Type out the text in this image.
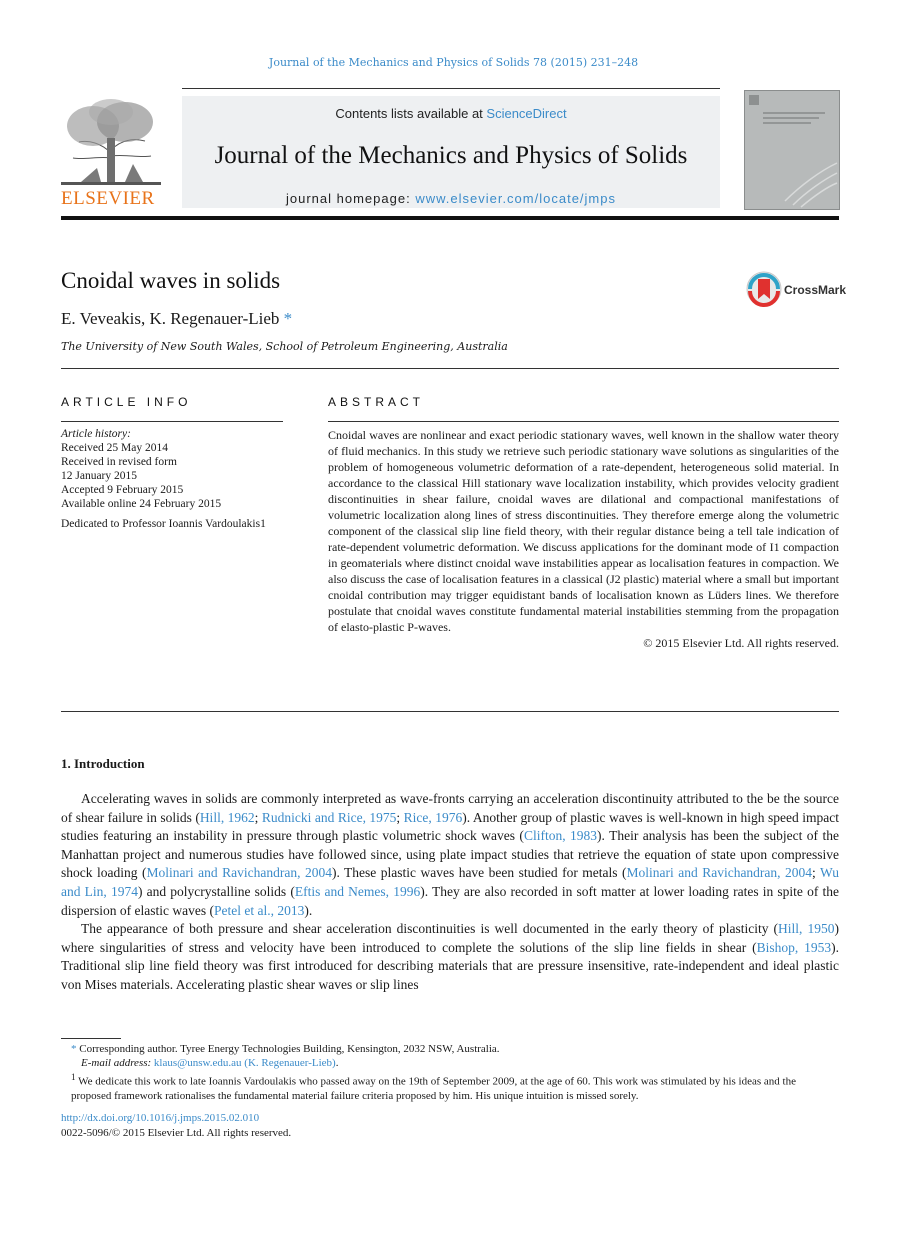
Journal of the Mechanics and Physics of Solids 78 (2015) 231–248
ELSEVIER
Contents lists available at ScienceDirect
Journal of the Mechanics and Physics of Solids
journal homepage: www.elsevier.com/locate/jmps
Cnoidal waves in solids	CrossMark
E. Veveakis, K. Regenauer-Lieb *
The University of New South Wales, School of Petroleum Engineering, Australia
ARTICLE INFO	ABSTRACT
Article history:
Received 25 May 2014
Received in revised form
12 January 2015
Accepted 9 February 2015
Available online 24 February 2015
Dedicated to Professor Ioannis Vardoulakis1
Cnoidal waves are nonlinear and exact periodic stationary waves, well known in the shallow water theory of fluid mechanics. In this study we retrieve such periodic stationary wave solutions as singularities of the problem of homogeneous volumetric deformation of a rate-dependent, heterogeneous solid material. In accordance to the classical Hill stationary wave localization instability, which provides velocity gradient discontinuities in shear failure, cnoidal waves are dilational and compactional manifestations of volumetric localization along lines of stress discontinuities. They therefore emerge along the volumetric component of the classical slip line field theory, with their regular distance being a tell tale indication of rate-dependent volumetric deformation. We discuss applications for the dominant mode of I1 compaction in geomaterials where distinct cnoidal wave instabilities appear as localisation features in compaction. We also discuss the case of localisation features in a classical (J2 plastic) material where a small but important cnoidal contribution may trigger equidistant bands of localisation known as Lüders lines. We therefore postulate that cnoidal waves constitute fundamental material instabilities stemming from the propagation of elasto-plastic P-waves.
© 2015 Elsevier Ltd. All rights reserved.
1. Introduction

Accelerating waves in solids are commonly interpreted as wave-fronts carrying an acceleration discontinuity attributed to the be the source of shear failure in solids (Hill, 1962; Rudnicki and Rice, 1975; Rice, 1976). Another group of plastic waves is well-known in high speed impact studies featuring an instability in pressure through plastic volumetric shock waves (Clifton, 1983). Their analysis has been the subject of the Manhattan project and numerous studies have followed since, using plate impact studies that retrieve the equation of state upon compressive shock loading (Molinari and Ravichandran, 2004). These plastic waves have been studied for metals (Molinari and Ravichandran, 2004; Wu and Lin, 1974) and polycrystalline solids (Eftis and Nemes, 1996). They are also recorded in soft matter at lower loading rates in spite of the dispersion of elastic waves (Petel et al., 2013).

The appearance of both pressure and shear acceleration discontinuities is well documented in the early theory of plasticity (Hill, 1950) where singularities of stress and velocity have been introduced to complete the solutions of the slip line fields in shear (Bishop, 1953). Traditional slip line field theory was first introduced for describing materials that are pressure insensitive, rate-independent and ideal plastic von Mises materials. Accelerating plastic shear waves or slip lines

* Corresponding author. Tyree Energy Technologies Building, Kensington, 2032 NSW, Australia.
E-mail address: klaus@unsw.edu.au (K. Regenauer-Lieb).
$^1$ We dedicate this work to late Ioannis Vardoulakis who passed away on the 19th of September 2009, at the age of 60. This work was stimulated by his ideas and the proposed framework rationalises the fundamental material failure criteria proposed by him. His unique intuition is missed sorely.
http://dx.doi.org/10.1016/j.jmps.2015.02.010
0022-5096/© 2015 Elsevier Ltd. All rights reserved.
